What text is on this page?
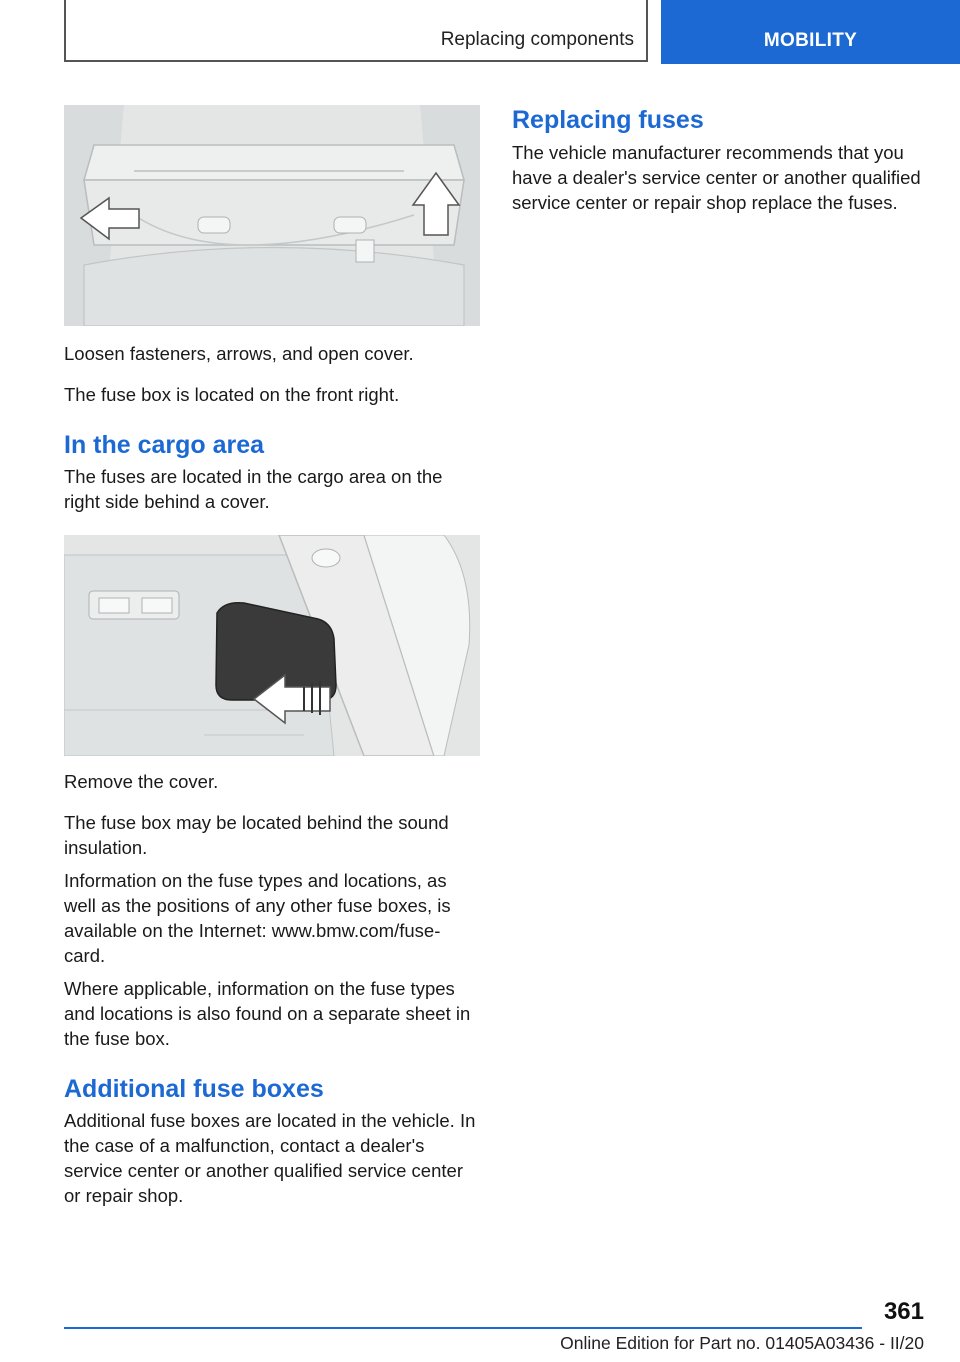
Replacing components	MOBILITY

Loosen fasteners, arrows, and open cover.

The fuse box is located on the front right.

In the cargo area

The fuses are located in the cargo area on the right side behind a cover.

Remove the cover.

The fuse box may be located behind the sound insulation.

Information on the fuse types and locations, as well as the positions of any other fuse boxes, is available on the Internet: www.bmw.com/fuse-card.

Where applicable, information on the fuse types and locations is also found on a separate sheet in the fuse box.

Additional fuse boxes

Additional fuse boxes are located in the vehicle. In the case of a malfunction, contact a dealer's service center or another qualified service center or repair shop.

Replacing fuses

The vehicle manufacturer recommends that you have a dealer's service center or another qualified service center or repair shop replace the fuses.

361
Online Edition for Part no. 01405A03436 - II/20
